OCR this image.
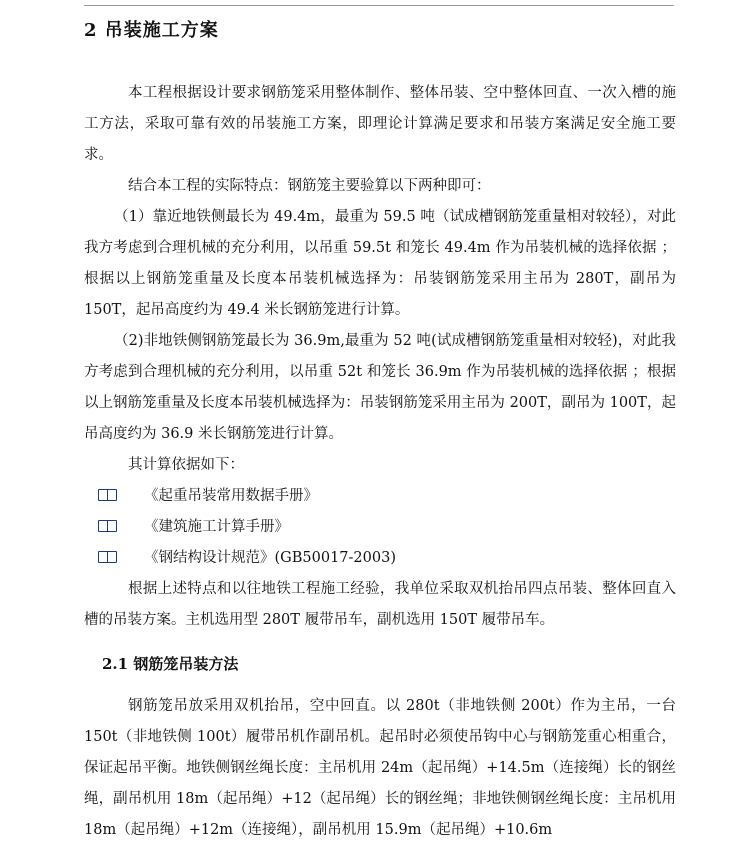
2 吊装施工方案
本工程根据设计要求钢筋笼采用整体制作、整体吊装、空中整体回直、一次入槽的施工方法，采取可靠有效的吊装施工方案，即理论计算满足要求和吊装方案满足安全施工要求。
结合本工程的实际特点：钢筋笼主要验算以下两种即可：
（1）靠近地铁侧最长为 49.4m，最重为 59.5 吨（试成槽钢筋笼重量相对较轻），对此我方考虑到合理机械的充分利用，以吊重 59.5t 和笼长 49.4m 作为吊装机械的选择依据 ；根据以上钢筋笼重量及长度本吊装机械选择为：吊装钢筋笼采用主吊为 280T，副吊为 150T，起吊高度约为 49.4 米长钢筋笼进行计算。
（2)非地铁侧钢筋笼最长为 36.9m,最重为 52 吨(试成槽钢筋笼重量相对较轻)，对此我方考虑到合理机械的充分利用，以吊重 52t 和笼长 36.9m 作为吊装机械的选择依据 ；根据以上钢筋笼重量及长度本吊装机械选择为：吊装钢筋笼采用主吊为 200T，副吊为 100T，起吊高度约为 36.9 米长钢筋笼进行计算。
其计算依据如下：
《起重吊装常用数据手册》
《建筑施工计算手册》
《钢结构设计规范》(GB50017-2003)
根据上述特点和以往地铁工程施工经验，我单位采取双机抬吊四点吊装、整体回直入槽的吊装方案。主机选用型 280T 履带吊车，副机选用 150T 履带吊车。
2.1 钢筋笼吊装方法
钢筋笼吊放采用双机抬吊，空中回直。以 280t（非地铁侧 200t）作为主吊，一台 150t（非地铁侧 100t）履带吊机作副吊机。起吊时必须使吊钩中心与钢筋笼重心相重合，保证起吊平衡。地铁侧钢丝绳长度：主吊机用 24m（起吊绳）+14.5m（连接绳）长的钢丝绳，副吊机用 18m（起吊绳）+12（起吊绳）长的钢丝绳；非地铁侧钢丝绳长度：主吊机用 18m（起吊绳）+12m（连接绳），副吊机用 15.9m（起吊绳）+10.6m
